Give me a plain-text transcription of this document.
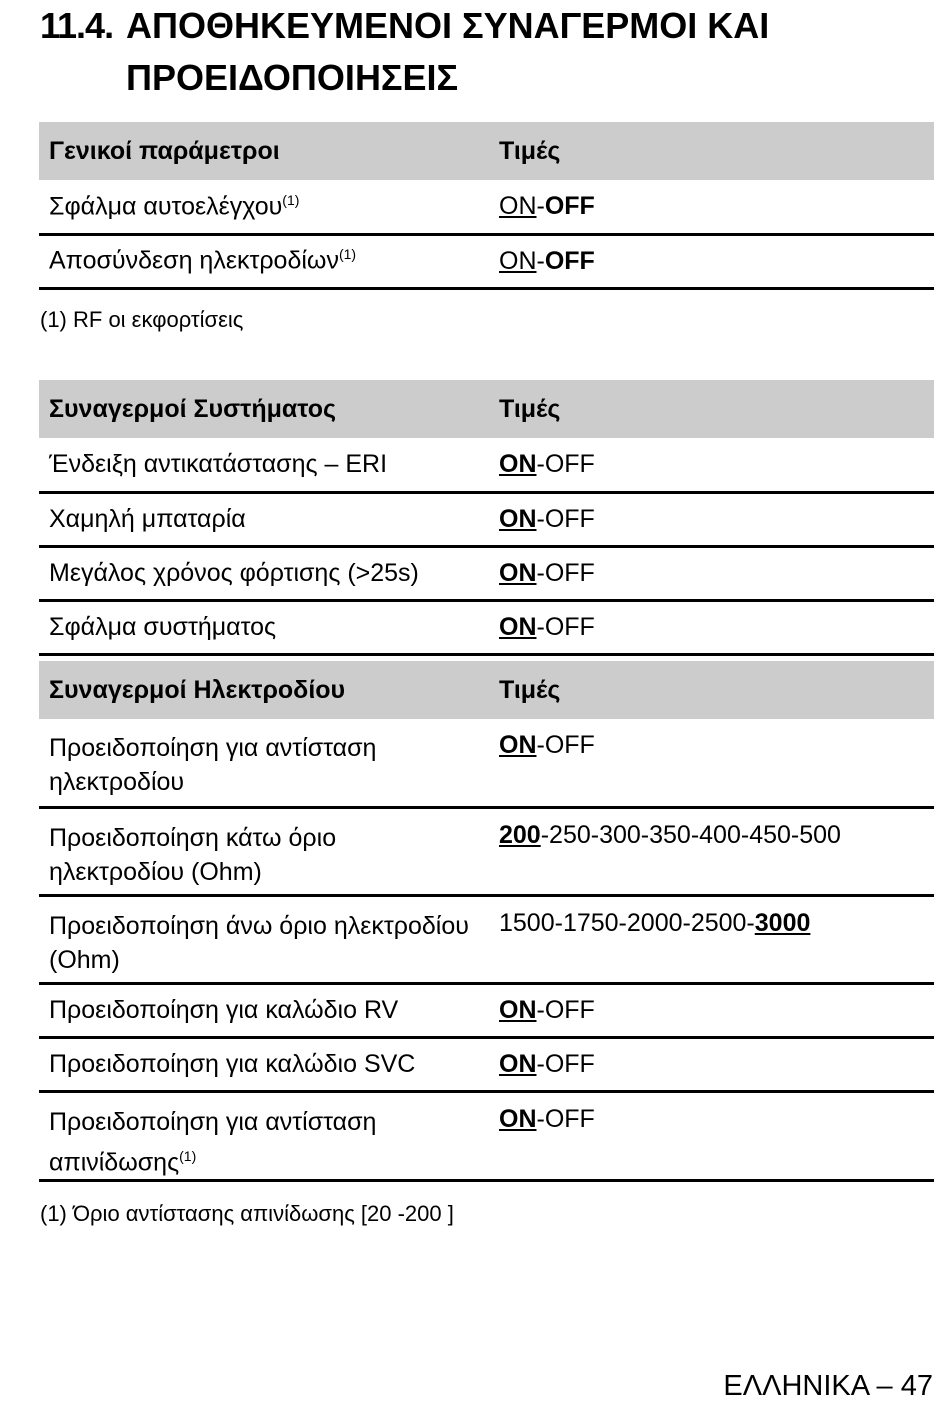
11.4. ΑΠΟΘΗΚΕΥΜΕΝΟΙ ΣΥΝΑΓΕΡΜΟΙ ΚΑΙ
ΠΡΟΕΙΔΟΠΟΙΗΣΕΙΣ
Γενικοί παράμετροι	Τιμές
Σφάλμα αυτοελέγχου$^{(1)}$	ON-OFF
Αποσύνδεση ηλεκτροδίων$^{(1)}$	ON-OFF
(1) RF οι εκφορτίσεις
Συναγερμοί Συστήματος	Τιμές
Ένδειξη αντικατάστασης – ERI	ON-OFF
Χαμηλή μπαταρία	ON-OFF
Μεγάλος χρόνος φόρτισης (>25s)	ON-OFF
Σφάλμα συστήματος	ON-OFF
Συναγερμοί Ηλεκτροδίου	Τιμές
Προειδοποίηση για αντίσταση ηλεκτροδίου	ON-OFF
Προειδοποίηση κάτω όριο ηλεκτροδίου (Ohm)	200-250-300-350-400-450-500
Προειδοποίηση άνω όριο ηλεκτροδίου (Ohm)	1500-1750-2000-2500-3000
Προειδοποίηση για καλώδιο RV	ON-OFF
Προειδοποίηση για καλώδιο SVC	ON-OFF
Προειδοποίηση για αντίσταση απινίδωσης$^{(1)}$	ON-OFF
(1) Όριο αντίστασης απινίδωσης [20 -200 ]
ΕΛΛΗΝΙΚΑ – 47
